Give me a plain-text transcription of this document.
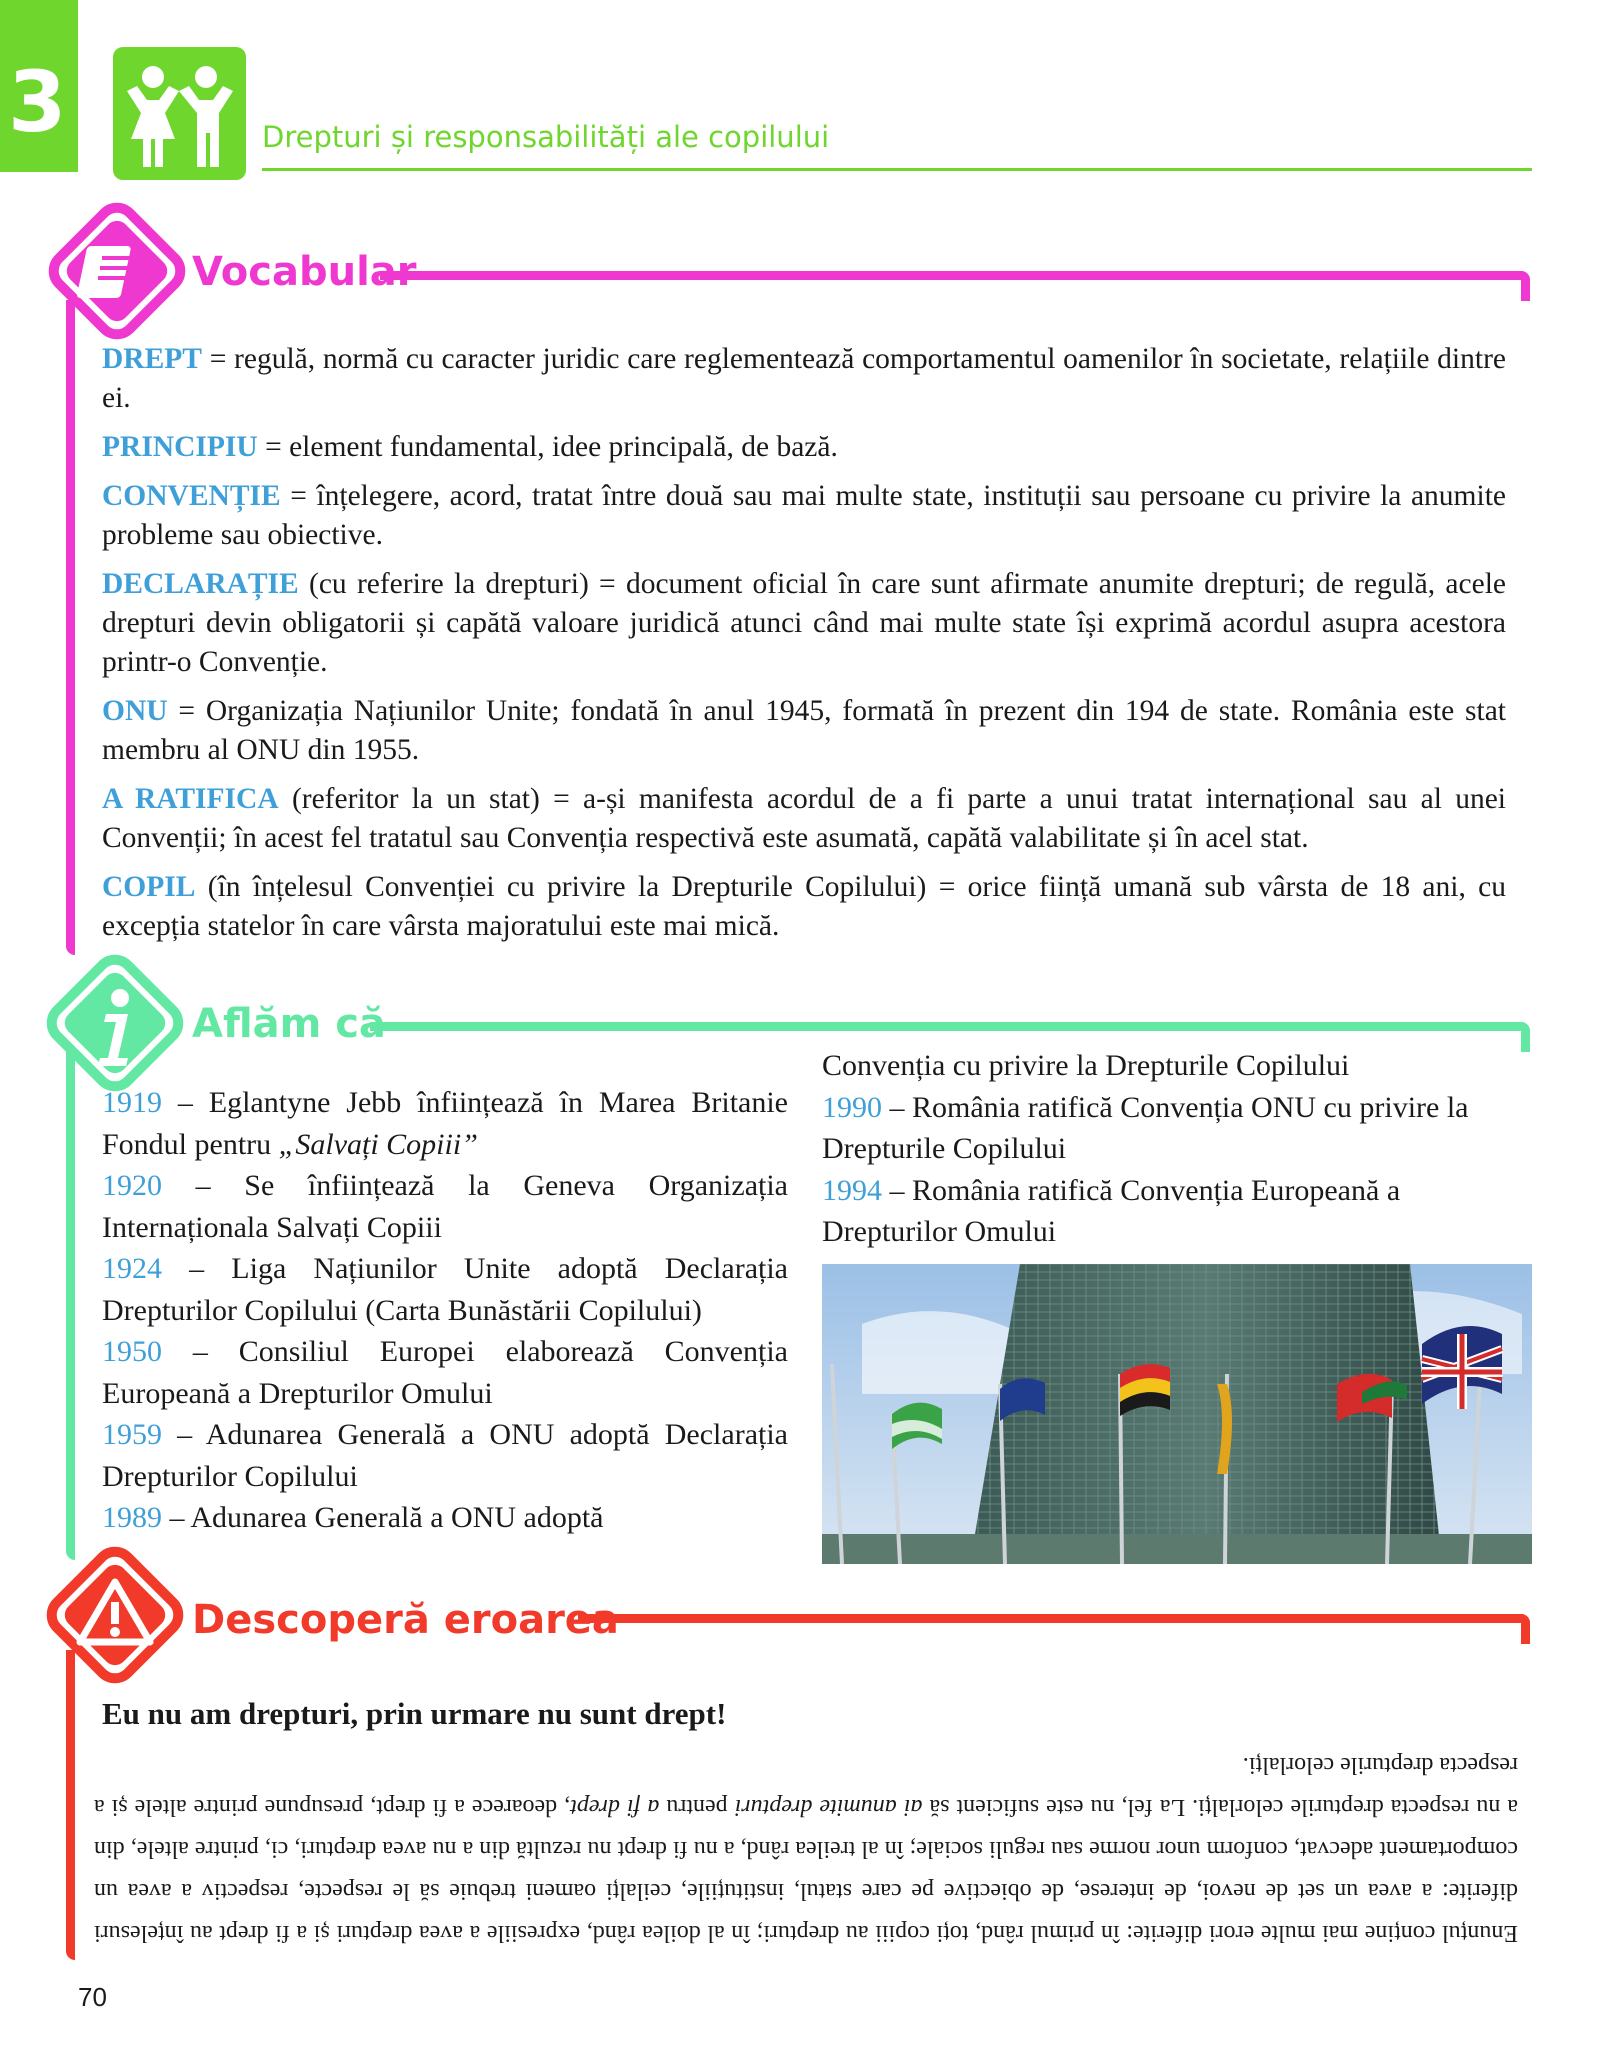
3	Drepturi și responsabilități ale copilului
Vocabular

DREPT = regulă, normă cu caracter juridic care reglementează comportamentul oamenilor în societate, relațiile dintre ei.

PRINCIPIU = element fundamental, idee principală, de bază.

CONVENȚIE = înțelegere, acord, tratat între două sau mai multe state, instituții sau persoane cu privire la anumite probleme sau obiective.

DECLARAȚIE (cu referire la drepturi) = document oficial în care sunt afirmate anumite drepturi; de regulă, acele drepturi devin obligatorii și capătă valoare juridică atunci când mai multe state își exprimă acordul asupra acestora printr-o Convenție.

ONU = Organizația Națiunilor Unite; fondată în anul 1945, formată în prezent din 194 de state. România este stat membru al ONU din 1955.

A RATIFICA (referitor la un stat) = a-și manifesta acordul de a fi parte a unui tratat internațional sau al unei Convenții; în acest fel tratatul sau Convenția respectivă este asumată, capătă valabilitate și în acel stat.

COPIL (în înțelesul Convenției cu privire la Drepturile Copilului) = orice ființă umană sub vârsta de 18 ani, cu excepția statelor în care vârsta majoratului este mai mică.

Aflăm că

1919 – Eglantyne Jebb înființează în Marea Britanie Fondul pentru „Salvați Copiii”

1920 – Se înființează la Geneva Organizația Internaționala Salvați Copiii

1924 – Liga Națiunilor Unite adoptă Declarația Drepturilor Copilului (Carta Bunăstării Copilului)

1950 – Consiliul Europei elaborează Convenția Europeană a Drepturilor Omului

1959 – Adunarea Generală a ONU adoptă Declarația Drepturilor Copilului

1989 – Adunarea Generală a ONU adoptă

Convenția cu privire la Drepturile Copilului

1990 – România ratifică Convenția ONU cu privire la Drepturile Copilului

1994 – România ratifică Convenția Europeană a Drepturilor Omului

Descoperă eroarea
Eu nu am drepturi, prin urmare nu sunt drept!

Enunțul conține mai multe erori diferite: în primul rând, toți copiii au drepturi; în al doilea rând, expresiile a avea drepturi și a fi drept au înțelesuri diferite: a avea un set de nevoi, de interese, de obiective pe care statul, instituțiile, ceilalți oameni trebuie să le respecte, respectiv a avea un comportament adecvat, conform unor norme sau reguli sociale; în al treilea rând, a nu fi drept nu rezultă din a nu avea drepturi, ci, printre altele, din a nu respecta drepturile celorlalți. La fel, nu este suficient să ai anumite drepturi pentru a fi drept, deoarece a fi drept, presupune printre altele și a respecta drepturile celorlalți.

70
